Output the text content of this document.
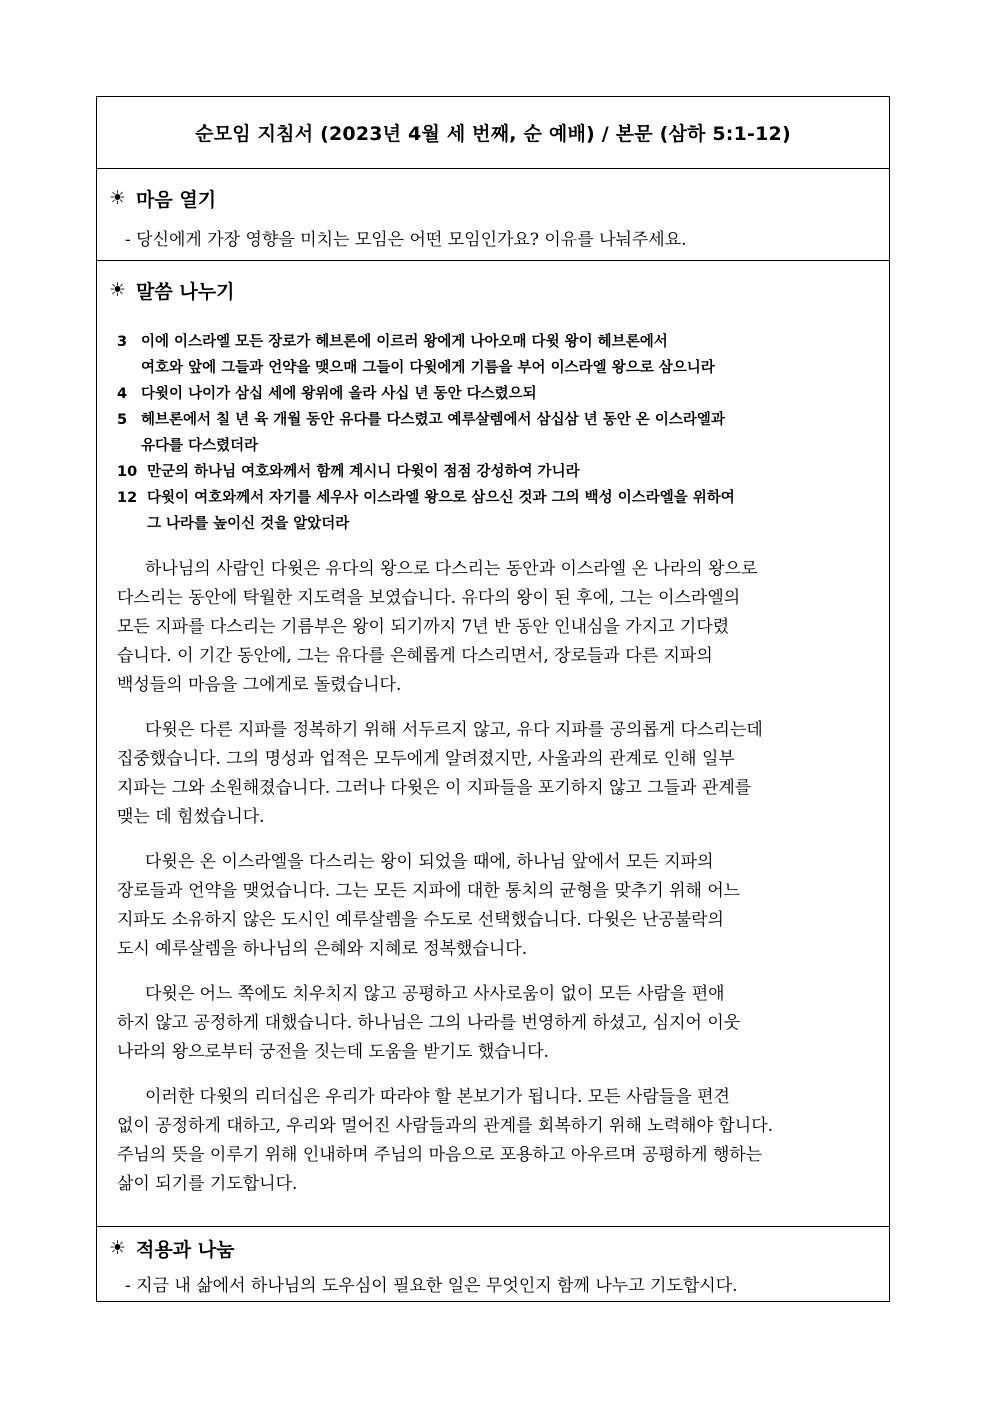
순모임 지침서 (2023년 4월 세 번째, 순 예배) / 본문 (삼하 5:1-12)
☀ 마음 열기
- 당신에게 가장 영향을 미치는 모임은 어떤 모임인가요? 이유를 나눠주세요.
☀ 말씀 나누기
3 이에 이스라엘 모든 장로가 헤브론에 이르러 왕에게 나아오매 다윗 왕이 헤브론에서
여호와 앞에 그들과 언약을 맺으매 그들이 다윗에게 기름을 부어 이스라엘 왕으로 삼으니라
4 다윗이 나이가 삼십 세에 왕위에 올라 사십 년 동안 다스렸으되
5 헤브론에서 칠 년 육 개월 동안 유다를 다스렸고 예루살렘에서 삼십삼 년 동안 온 이스라엘과
유다를 다스렸더라
10 만군의 하나님 여호와께서 함께 계시니 다윗이 점점 강성하여 가니라
12 다윗이 여호와께서 자기를 세우사 이스라엘 왕으로 삼으신 것과 그의 백성 이스라엘을 위하여
그 나라를 높이신 것을 알았더라
하나님의 사람인 다윗은 유다의 왕으로 다스리는 동안과 이스라엘 온 나라의 왕으로
다스리는 동안에 탁월한 지도력을 보였습니다. 유다의 왕이 된 후에, 그는 이스라엘의
모든 지파를 다스리는 기름부은 왕이 되기까지 7년 반 동안 인내심을 가지고 기다렸
습니다. 이 기간 동안에, 그는 유다를 은혜롭게 다스리면서, 장로들과 다른 지파의
백성들의 마음을 그에게로 돌렸습니다.
다윗은 다른 지파를 정복하기 위해 서두르지 않고, 유다 지파를 공의롭게 다스리는데
집중했습니다. 그의 명성과 업적은 모두에게 알려졌지만, 사울과의 관계로 인해 일부
지파는 그와 소원해졌습니다. 그러나 다윗은 이 지파들을 포기하지 않고 그들과 관계를
맺는 데 힘썼습니다.
다윗은 온 이스라엘을 다스리는 왕이 되었을 때에, 하나님 앞에서 모든 지파의
장로들과 언약을 맺었습니다. 그는 모든 지파에 대한 통치의 균형을 맞추기 위해 어느
지파도 소유하지 않은 도시인 예루살렘을 수도로 선택했습니다. 다윗은 난공불락의
도시 예루살렘을 하나님의 은혜와 지혜로 정복했습니다.
다윗은 어느 쪽에도 치우치지 않고 공평하고 사사로움이 없이 모든 사람을 편애
하지 않고 공정하게 대했습니다. 하나님은 그의 나라를 번영하게 하셨고, 심지어 이웃
나라의 왕으로부터 궁전을 짓는데 도움을 받기도 했습니다.
이러한 다윗의 리더십은 우리가 따라야 할 본보기가 됩니다. 모든 사람들을 편견
없이 공정하게 대하고, 우리와 멀어진 사람들과의 관계를 회복하기 위해 노력해야 합니다.
주님의 뜻을 이루기 위해 인내하며 주님의 마음으로 포용하고 아우르며 공평하게 행하는
삶이 되기를 기도합니다.
☀ 적용과 나눔
- 지금 내 삶에서 하나님의 도우심이 필요한 일은 무엇인지 함께 나누고 기도합시다.
